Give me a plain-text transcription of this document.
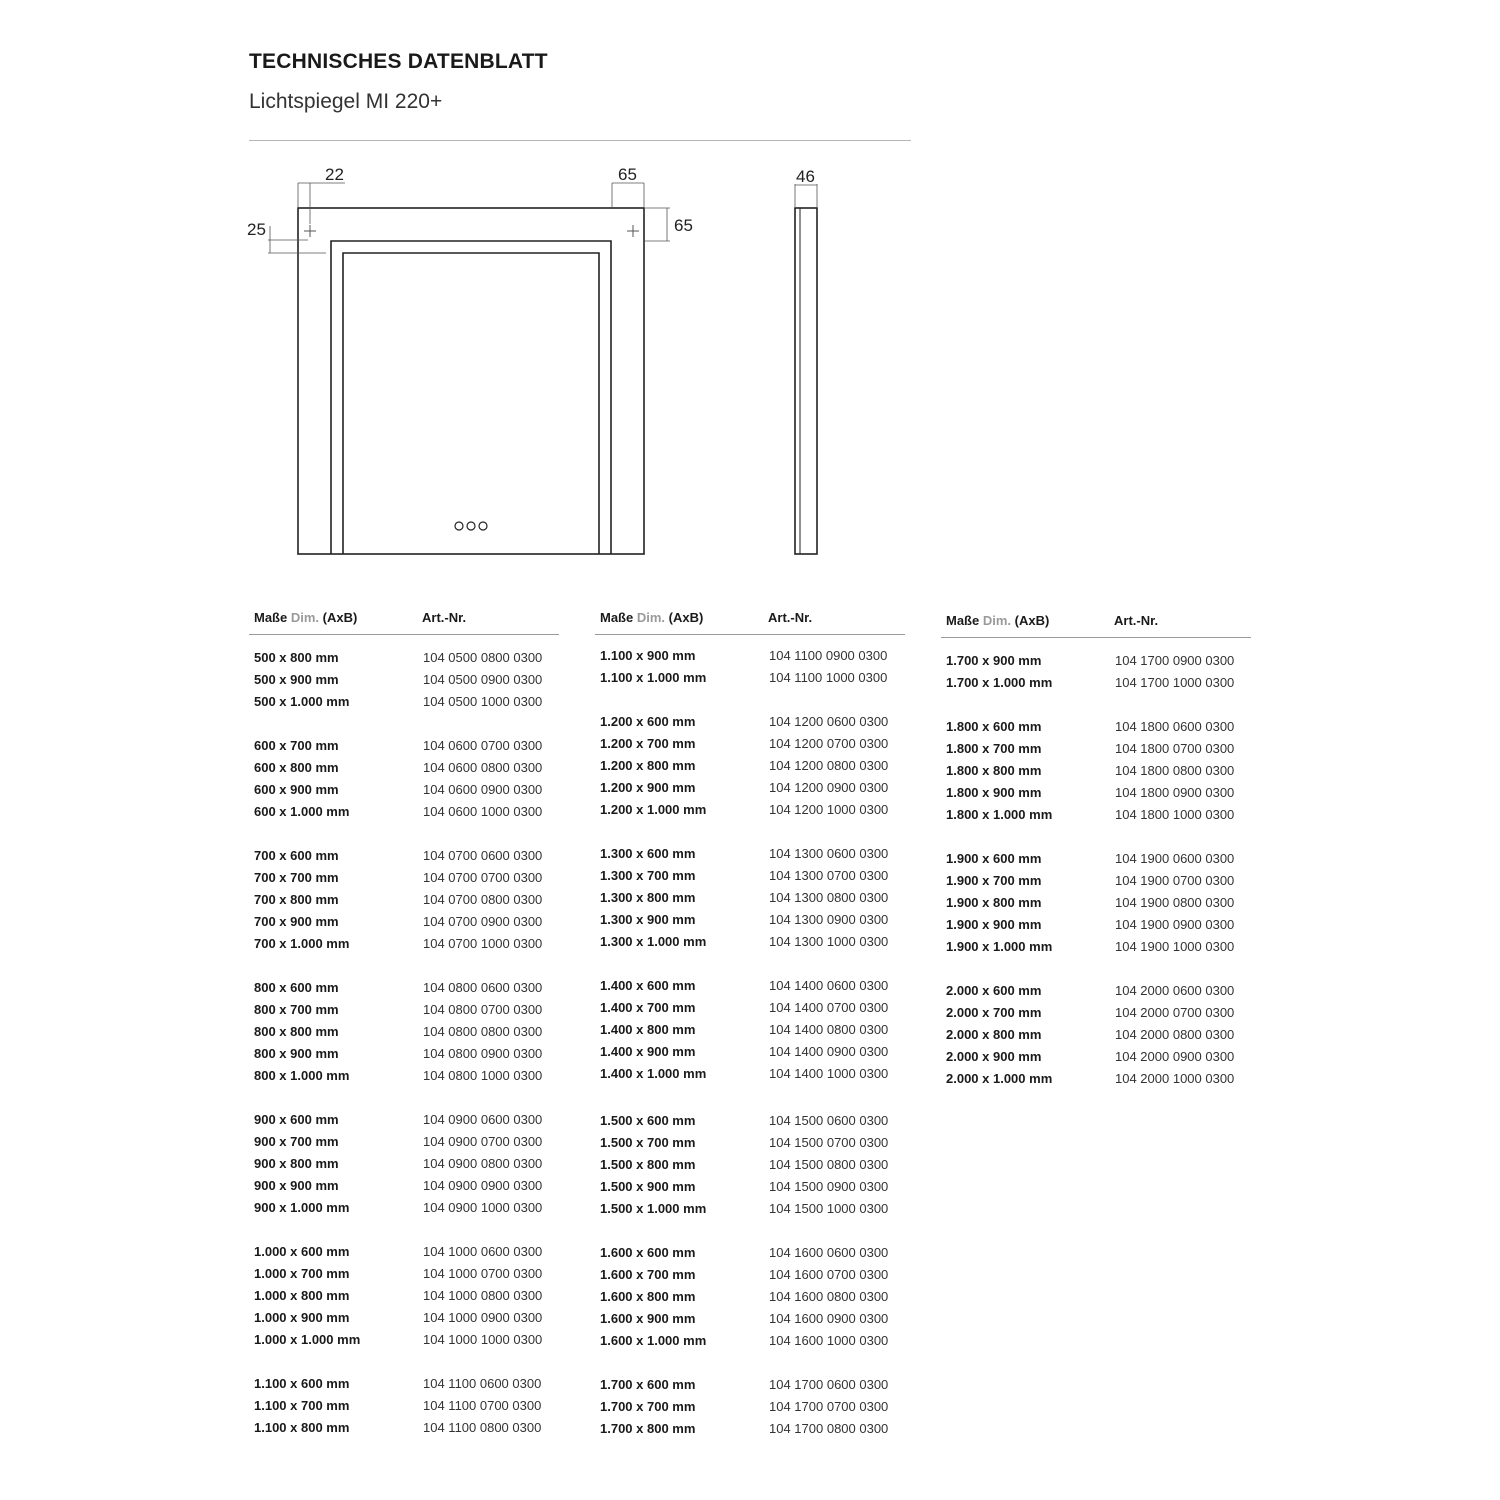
TECHNISCHES DATENBLATT
Lichtspiegel MI 220+
22
25
65
65
46
Maße Dim. (AxB)	Art.-Nr.
500 x 800 mm	104 0500 0800 0300
500 x 900 mm	104 0500 0900 0300
500 x 1.000 mm	104 0500 1000 0300
600 x 700 mm	104 0600 0700 0300
600 x 800 mm	104 0600 0800 0300
600 x 900 mm	104 0600 0900 0300
600 x 1.000 mm	104 0600 1000 0300
700 x 600 mm	104 0700 0600 0300
700 x 700 mm	104 0700 0700 0300
700 x 800 mm	104 0700 0800 0300
700 x 900 mm	104 0700 0900 0300
700 x 1.000 mm	104 0700 1000 0300
800 x 600 mm	104 0800 0600 0300
800 x 700 mm	104 0800 0700 0300
800 x 800 mm	104 0800 0800 0300
800 x 900 mm	104 0800 0900 0300
800 x 1.000 mm	104 0800 1000 0300
900 x 600 mm	104 0900 0600 0300
900 x 700 mm	104 0900 0700 0300
900 x 800 mm	104 0900 0800 0300
900 x 900 mm	104 0900 0900 0300
900 x 1.000 mm	104 0900 1000 0300
1.000 x 600 mm	104 1000 0600 0300
1.000 x 700 mm	104 1000 0700 0300
1.000 x 800 mm	104 1000 0800 0300
1.000 x 900 mm	104 1000 0900 0300
1.000 x 1.000 mm	104 1000 1000 0300
1.100 x 600 mm	104 1100 0600 0300
1.100 x 700 mm	104 1100 0700 0300
1.100 x 800 mm	104 1100 0800 0300
Maße Dim. (AxB)	Art.-Nr.
1.100 x 900 mm	104 1100 0900 0300
1.100 x 1.000 mm	104 1100 1000 0300
1.200 x 600 mm	104 1200 0600 0300
1.200 x 700 mm	104 1200 0700 0300
1.200 x 800 mm	104 1200 0800 0300
1.200 x 900 mm	104 1200 0900 0300
1.200 x 1.000 mm	104 1200 1000 0300
1.300 x 600 mm	104 1300 0600 0300
1.300 x 700 mm	104 1300 0700 0300
1.300 x 800 mm	104 1300 0800 0300
1.300 x 900 mm	104 1300 0900 0300
1.300 x 1.000 mm	104 1300 1000 0300
1.400 x 600 mm	104 1400 0600 0300
1.400 x 700 mm	104 1400 0700 0300
1.400 x 800 mm	104 1400 0800 0300
1.400 x 900 mm	104 1400 0900 0300
1.400 x 1.000 mm	104 1400 1000 0300
1.500 x 600 mm	104 1500 0600 0300
1.500 x 700 mm	104 1500 0700 0300
1.500 x 800 mm	104 1500 0800 0300
1.500 x 900 mm	104 1500 0900 0300
1.500 x 1.000 mm	104 1500 1000 0300
1.600 x 600 mm	104 1600 0600 0300
1.600 x 700 mm	104 1600 0700 0300
1.600 x 800 mm	104 1600 0800 0300
1.600 x 900 mm	104 1600 0900 0300
1.600 x 1.000 mm	104 1600 1000 0300
1.700 x 600 mm	104 1700 0600 0300
1.700 x 700 mm	104 1700 0700 0300
1.700 x 800 mm	104 1700 0800 0300
Maße Dim. (AxB)	Art.-Nr.
1.700 x 900 mm	104 1700 0900 0300
1.700 x 1.000 mm	104 1700 1000 0300
1.800 x 600 mm	104 1800 0600 0300
1.800 x 700 mm	104 1800 0700 0300
1.800 x 800 mm	104 1800 0800 0300
1.800 x 900 mm	104 1800 0900 0300
1.800 x 1.000 mm	104 1800 1000 0300
1.900 x 600 mm	104 1900 0600 0300
1.900 x 700 mm	104 1900 0700 0300
1.900 x 800 mm	104 1900 0800 0300
1.900 x 900 mm	104 1900 0900 0300
1.900 x 1.000 mm	104 1900 1000 0300
2.000 x 600 mm	104 2000 0600 0300
2.000 x 700 mm	104 2000 0700 0300
2.000 x 800 mm	104 2000 0800 0300
2.000 x 900 mm	104 2000 0900 0300
2.000 x 1.000 mm	104 2000 1000 0300
